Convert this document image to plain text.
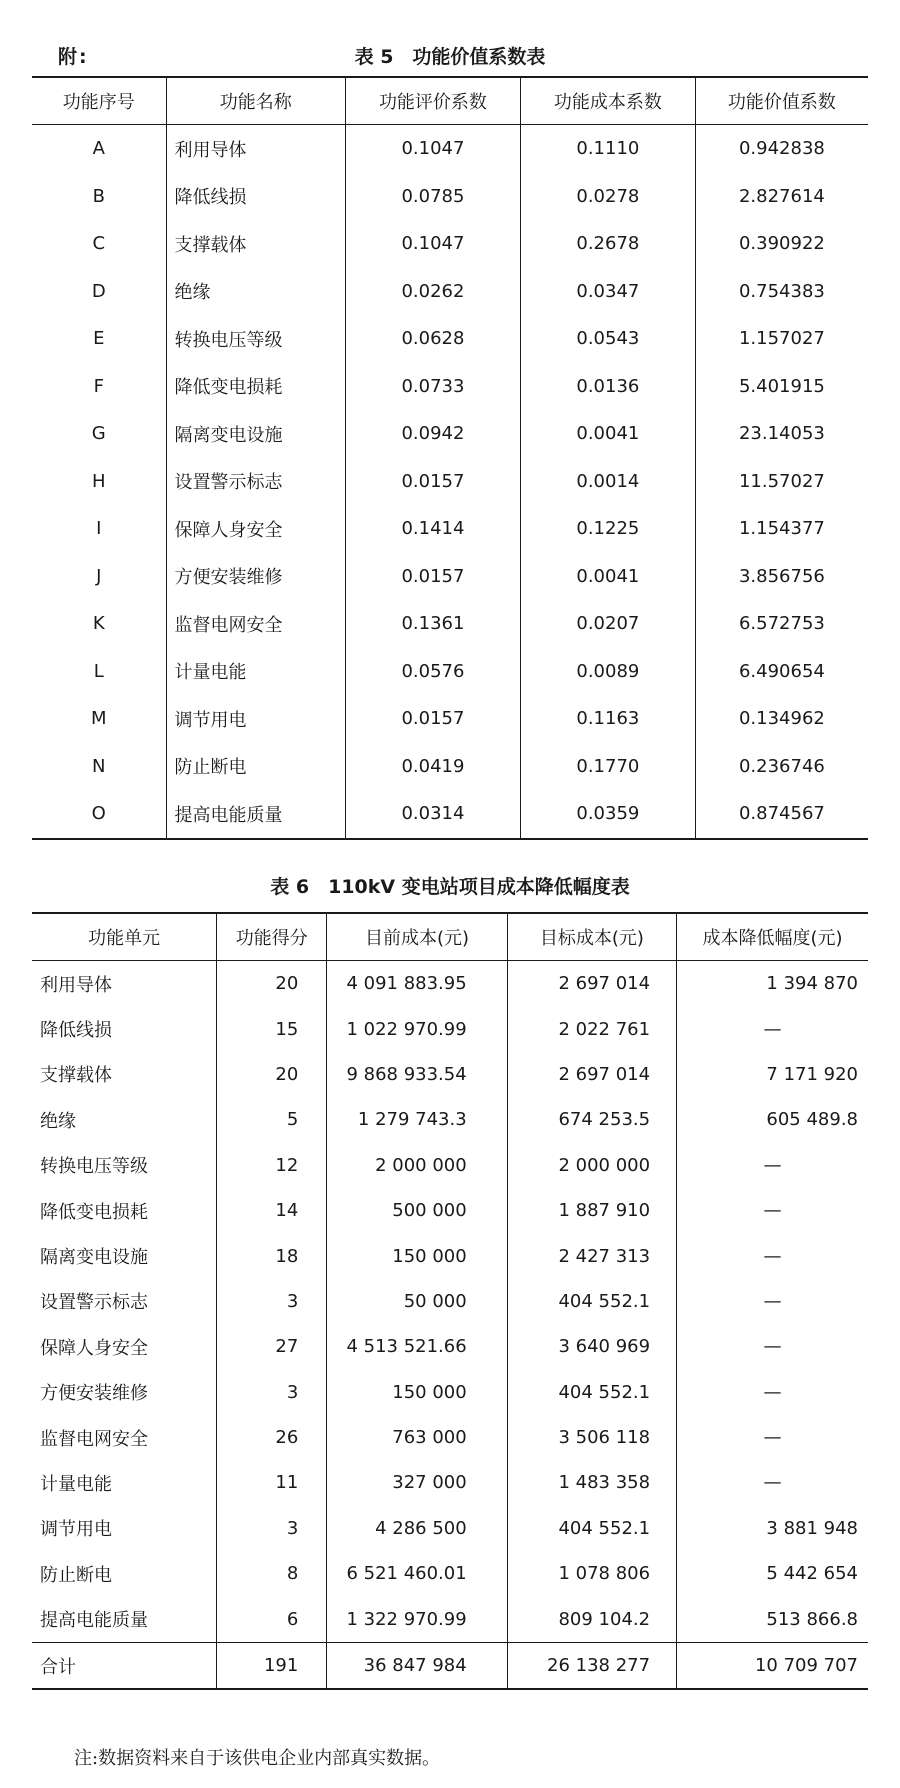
附:	表 5　功能价值系数表
功能序号	功能名称	功能评价系数	功能成本系数	功能价值系数
A	利用导体	0.1047	0.1110	0.942838
B	降低线损	0.0785	0.0278	2.827614
C	支撑载体	0.1047	0.2678	0.390922
D	绝缘	0.0262	0.0347	0.754383
E	转换电压等级	0.0628	0.0543	1.157027
F	降低变电损耗	0.0733	0.0136	5.401915
G	隔离变电设施	0.0942	0.0041	23.14053
H	设置警示标志	0.0157	0.0014	11.57027
I	保障人身安全	0.1414	0.1225	1.154377
J	方便安装维修	0.0157	0.0041	3.856756
K	监督电网安全	0.1361	0.0207	6.572753
L	计量电能	0.0576	0.0089	6.490654
M	调节用电	0.0157	0.1163	0.134962
N	防止断电	0.0419	0.1770	0.236746
O	提高电能质量	0.0314	0.0359	0.874567
表 6　110kV 变电站项目成本降低幅度表
功能单元	功能得分	目前成本(元)	目标成本(元)	成本降低幅度(元)
利用导体	20	4 091 883.95	2 697 014	1 394 870
降低线损	15	1 022 970.99	2 022 761	—
支撑载体	20	9 868 933.54	2 697 014	7 171 920
绝缘	5	1 279 743.3	674 253.5	605 489.8
转换电压等级	12	2 000 000	2 000 000	—
降低变电损耗	14	500 000	1 887 910	—
隔离变电设施	18	150 000	2 427 313	—
设置警示标志	3	50 000	404 552.1	—
保障人身安全	27	4 513 521.66	3 640 969	—
方便安装维修	3	150 000	404 552.1	—
监督电网安全	26	763 000	3 506 118	—
计量电能	11	327 000	1 483 358	—
调节用电	3	4 286 500	404 552.1	3 881 948
防止断电	8	6 521 460.01	1 078 806	5 442 654
提高电能质量	6	1 322 970.99	809 104.2	513 866.8
合计	191	36 847 984	26 138 277	10 709 707
注:数据资料来自于该供电企业内部真实数据。
